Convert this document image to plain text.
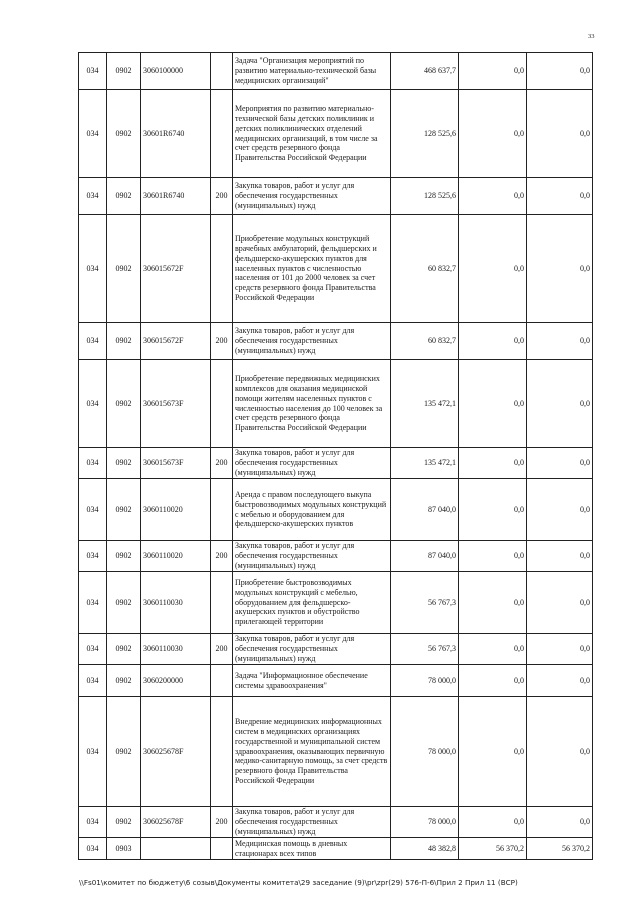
33
034	0902	3060100000		Задача "Организация мероприятий по развитию материально-технической базы медицинских организаций"	468 637,7	0,0	0,0
034	0902	30601R6740		Мероприятия по развитию материально-технической базы детских поликлиник и детских поликлинических отделений медицинских организаций, в том числе за счет средств резервного фонда Правительства Российской Федерации	128 525,6	0,0	0,0
034	0902	30601R6740	200	Закупка товаров, работ и услуг для обеспечения государственных (муниципальных) нужд	128 525,6	0,0	0,0
034	0902	306015672F		Приобретение модульных конструкций врачебных амбулаторий, фельдшерских и фельдшерско-акушерских пунктов для населенных пунктов с численностью населения от 101 до 2000 человек за счет средств резервного фонда Правительства Российской Федерации	60 832,7	0,0	0,0
034	0902	306015672F	200	Закупка товаров, работ и услуг для обеспечения государственных (муниципальных) нужд	60 832,7	0,0	0,0
034	0902	306015673F		Приобретение передвижных медицинских комплексов для оказания медицинской помощи жителям населенных пунктов с численностью населения до 100 человек за счет средств резервного фонда Правительства Российской Федерации	135 472,1	0,0	0,0
034	0902	306015673F	200	Закупка товаров, работ и услуг для обеспечения государственных (муниципальных) нужд	135 472,1	0,0	0,0
034	0902	3060110020		Аренда с правом последующего выкупа быстровозводимых модульных конструкций с мебелью и оборудованием для фельдшерско-акушерских пунктов	87 040,0	0,0	0,0
034	0902	3060110020	200	Закупка товаров, работ и услуг для обеспечения государственных (муниципальных) нужд	87 040,0	0,0	0,0
034	0902	3060110030		Приобретение быстровозводимых модульных конструкций с мебелью, оборудованием для фельдшерско-акушерских пунктов и обустройство прилегающей территории	56 767,3	0,0	0,0
034	0902	3060110030	200	Закупка товаров, работ и услуг для обеспечения государственных (муниципальных) нужд	56 767,3	0,0	0,0
034	0902	3060200000		Задача "Информационное обеспечение системы здравоохранения"	78 000,0	0,0	0,0
034	0902	306025678F		Внедрение медицинских информационных систем в медицинских организациях государственной и муниципальной систем здравоохранения, оказывающих первичную медико-санитарную помощь, за счет средств резервного фонда Правительства Российской Федерации	78 000,0	0,0	0,0
034	0902	306025678F	200	Закупка товаров, работ и услуг для обеспечения государственных (муниципальных) нужд	78 000,0	0,0	0,0
034	0903			Медицинская помощь в дневных стационарах всех типов	48 382,8	56 370,2	56 370,2
\\Fs01\комитет по бюджету\6 созыв\Документы комитета\29 заседание (9)\pr\zpr(29) 576-П-6\Прил 2 Прил 11 (ВСР)
